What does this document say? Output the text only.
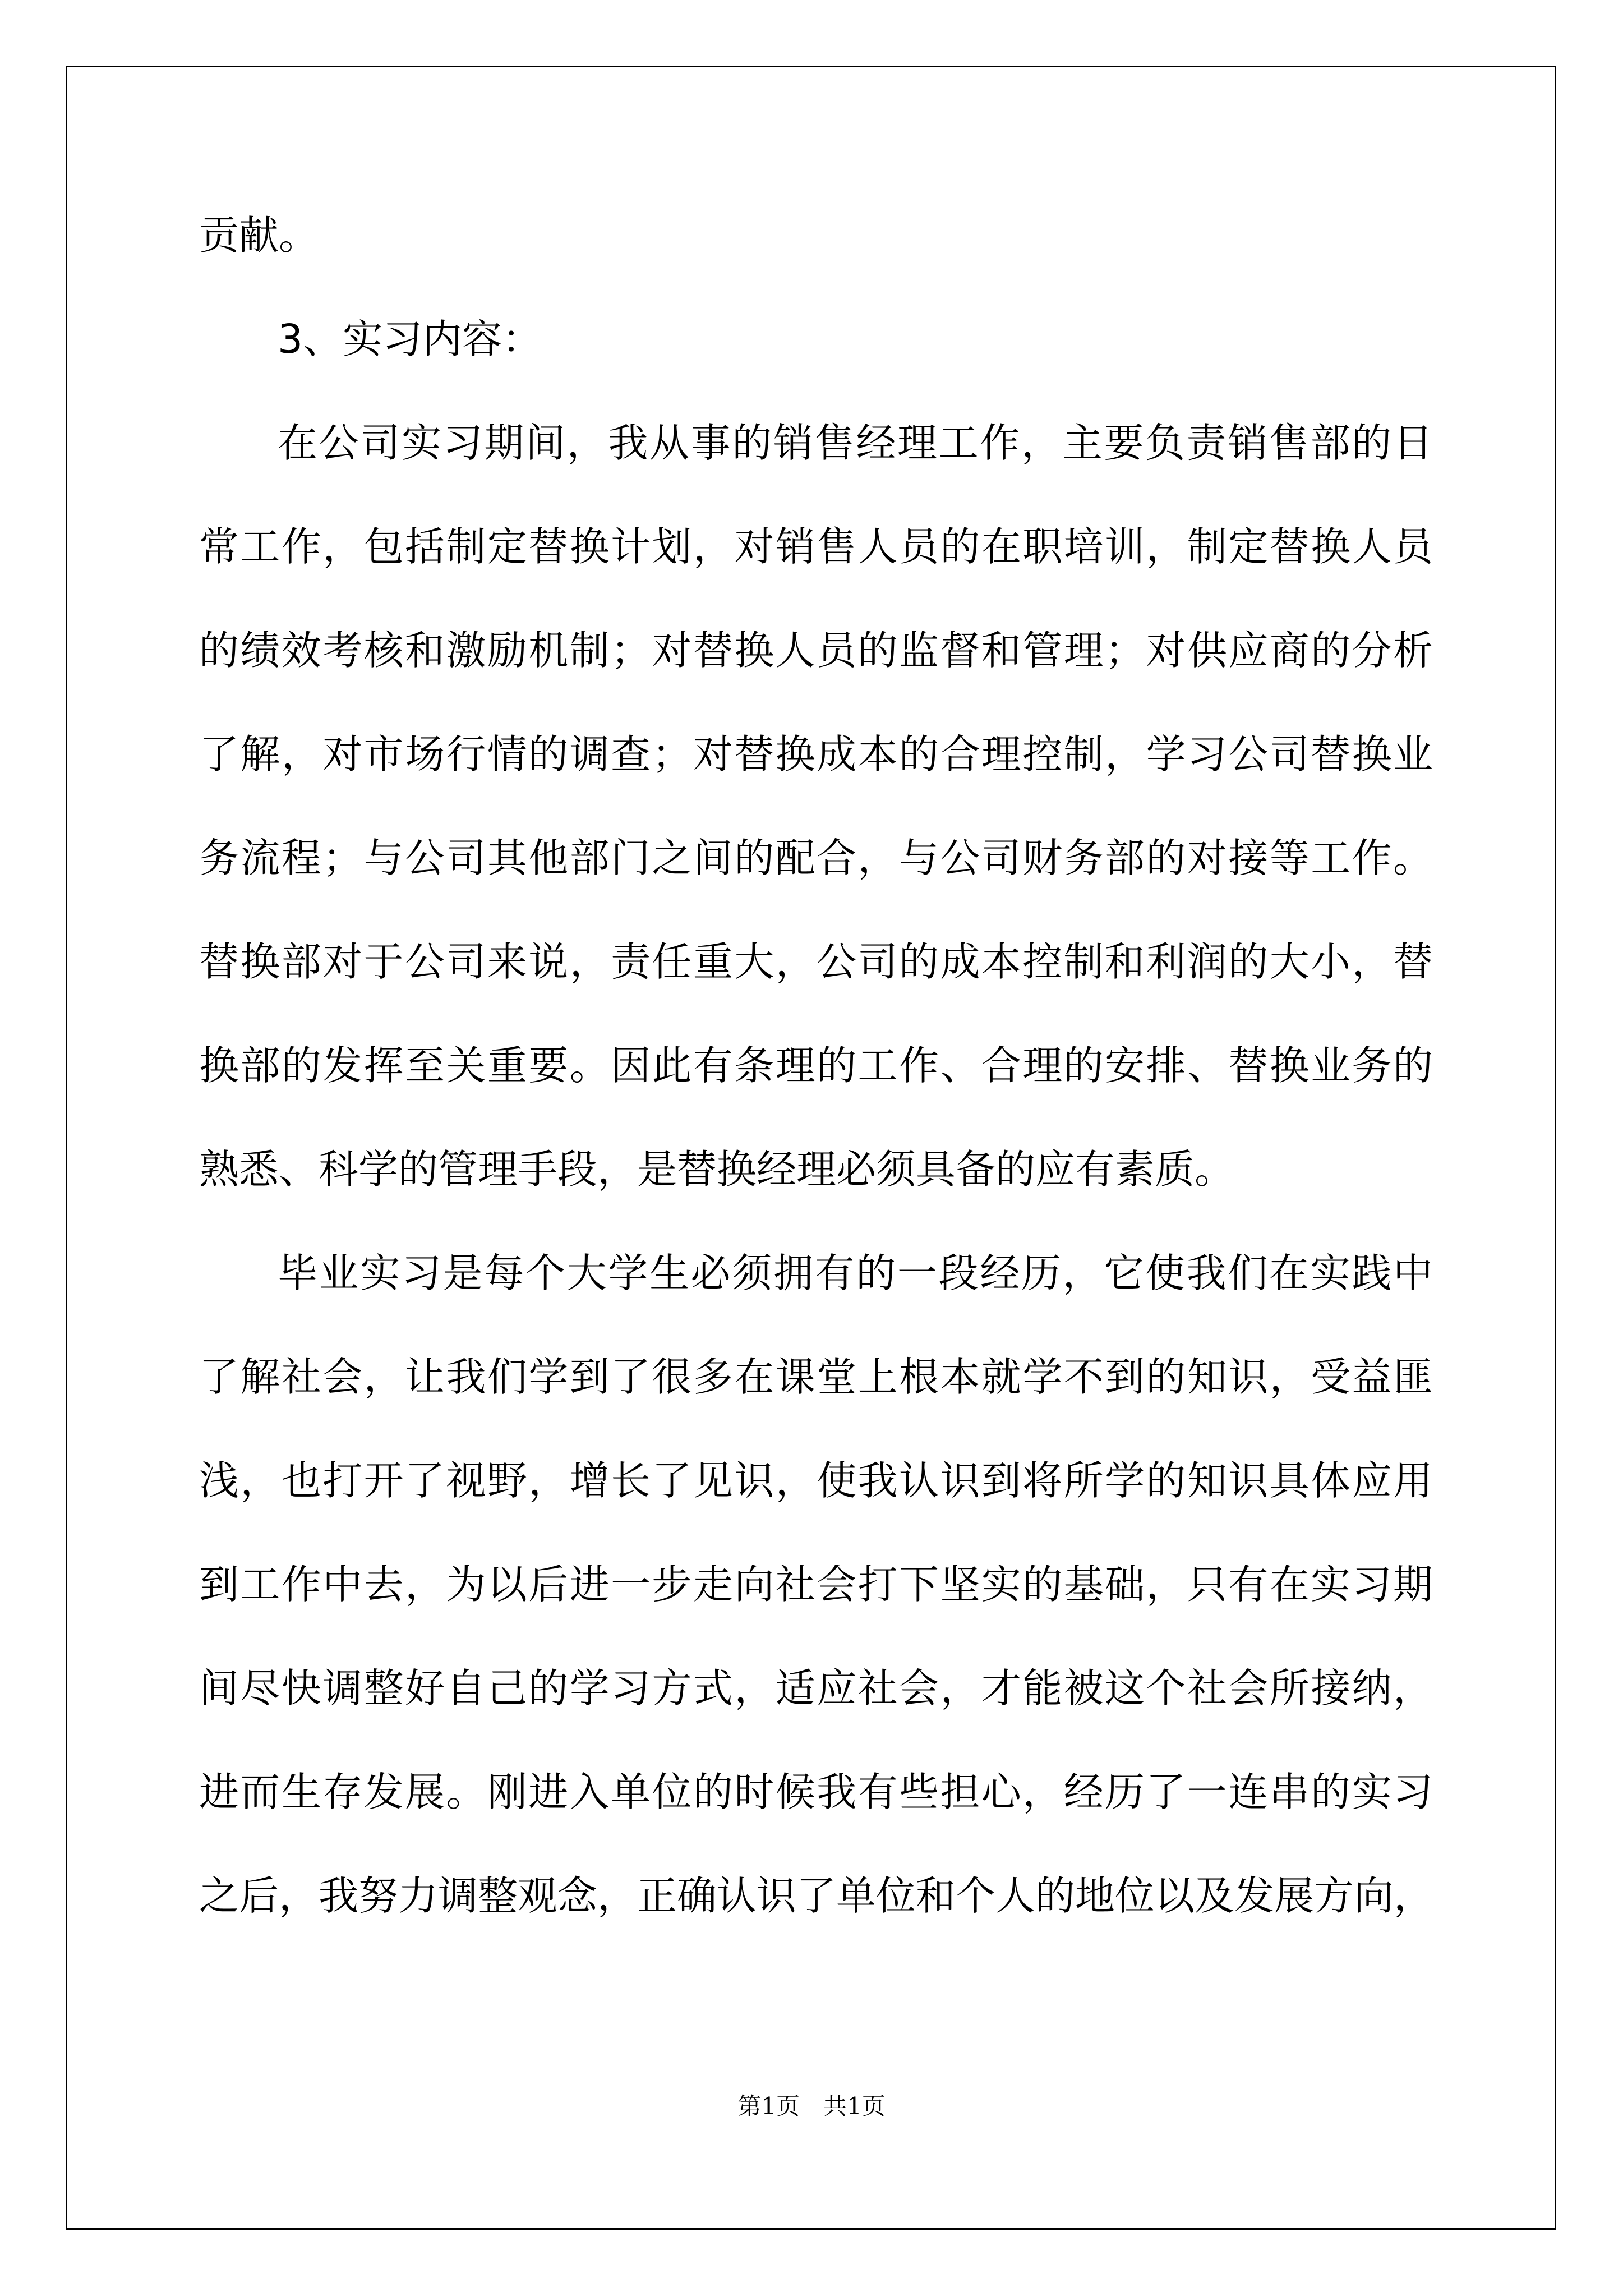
贡献。
3、实习内容：
在公司实习期间，我从事的销售经理工作，主要负责销售部的日
常工作，包括制定替换计划，对销售人员的在职培训，制定替换人员
的绩效考核和激励机制；对替换人员的监督和管理；对供应商的分析
了解，对市场行情的调查；对替换成本的合理控制，学习公司替换业
务流程；与公司其他部门之间的配合，与公司财务部的对接等工作。
替换部对于公司来说，责任重大，公司的成本控制和利润的大小，替
换部的发挥至关重要。因此有条理的工作、合理的安排、替换业务的
熟悉、科学的管理手段，是替换经理必须具备的应有素质。
毕业实习是每个大学生必须拥有的一段经历，它使我们在实践中
了解社会，让我们学到了很多在课堂上根本就学不到的知识，受益匪
浅，也打开了视野，增长了见识，使我认识到将所学的知识具体应用
到工作中去，为以后进一步走向社会打下坚实的基础，只有在实习期
间尽快调整好自己的学习方式，适应社会，才能被这个社会所接纳，
进而生存发展。刚进入单位的时候我有些担心，经历了一连串的实习
之后，我努力调整观念，正确认识了单位和个人的地位以及发展方向，
第1页　共1页
